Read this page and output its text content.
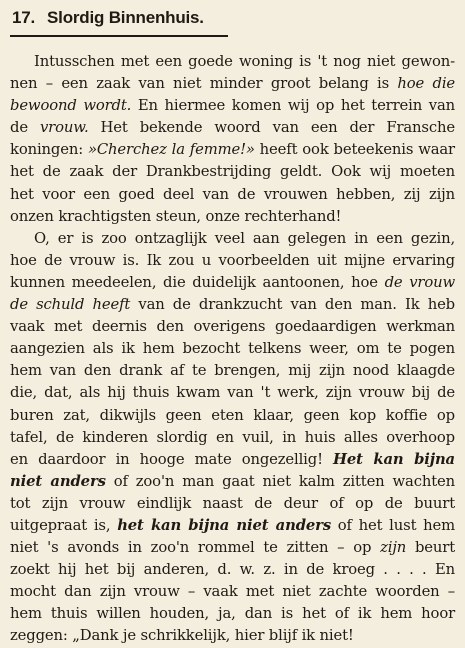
17. Slordig Binnenhuis.
Intusschen met een goede woning is 't nog niet gewon-
nen – een zaak van niet minder groot belang is hoe die
bewoond wordt. En hiermee komen wij op het terrein van
de vrouw. Het bekende woord van een der Fransche
koningen: »Cherchez la femme!» heeft ook beteekenis waar
het de zaak der Drankbestrijding geldt. Ook wij moeten
het voor een goed deel van de vrouwen hebben, zij zijn
onzen krachtigsten steun, onze rechterhand!
O, er is zoo ontzaglijk veel aan gelegen in een gezin,
hoe de vrouw is. Ik zou u voorbeelden uit mijne ervaring
kunnen meedeelen, die duidelijk aantoonen, hoe de vrouw
de schuld heeft van de drankzucht van den man. Ik heb
vaak met deernis den overigens goedaardigen werkman
aangezien als ik hem bezocht telkens weer, om te pogen
hem van den drank af te brengen, mij zijn nood klaagde
die, dat, als hij thuis kwam van 't werk, zijn vrouw bij de
buren zat, dikwijls geen eten klaar, geen kop koffie op
tafel, de kinderen slordig en vuil, in huis alles overhoop
en daardoor in hooge mate ongezellig! Het kan bijna
niet anders of zoo'n man gaat niet kalm zitten wachten
tot zijn vrouw eindlijk naast de deur of op de buurt
uitgepraat is, het kan bijna niet anders of het lust hem
niet 's avonds in zoo'n rommel te zitten – op zijn beurt
zoekt hij het bij anderen, d. w. z. in de kroeg . . . . En
mocht dan zijn vrouw – vaak met niet zachte woorden –
hem thuis willen houden, ja, dan is het of ik hem hoor
zeggen: „Dank je schrikkelijk, hier blijf ik niet!
